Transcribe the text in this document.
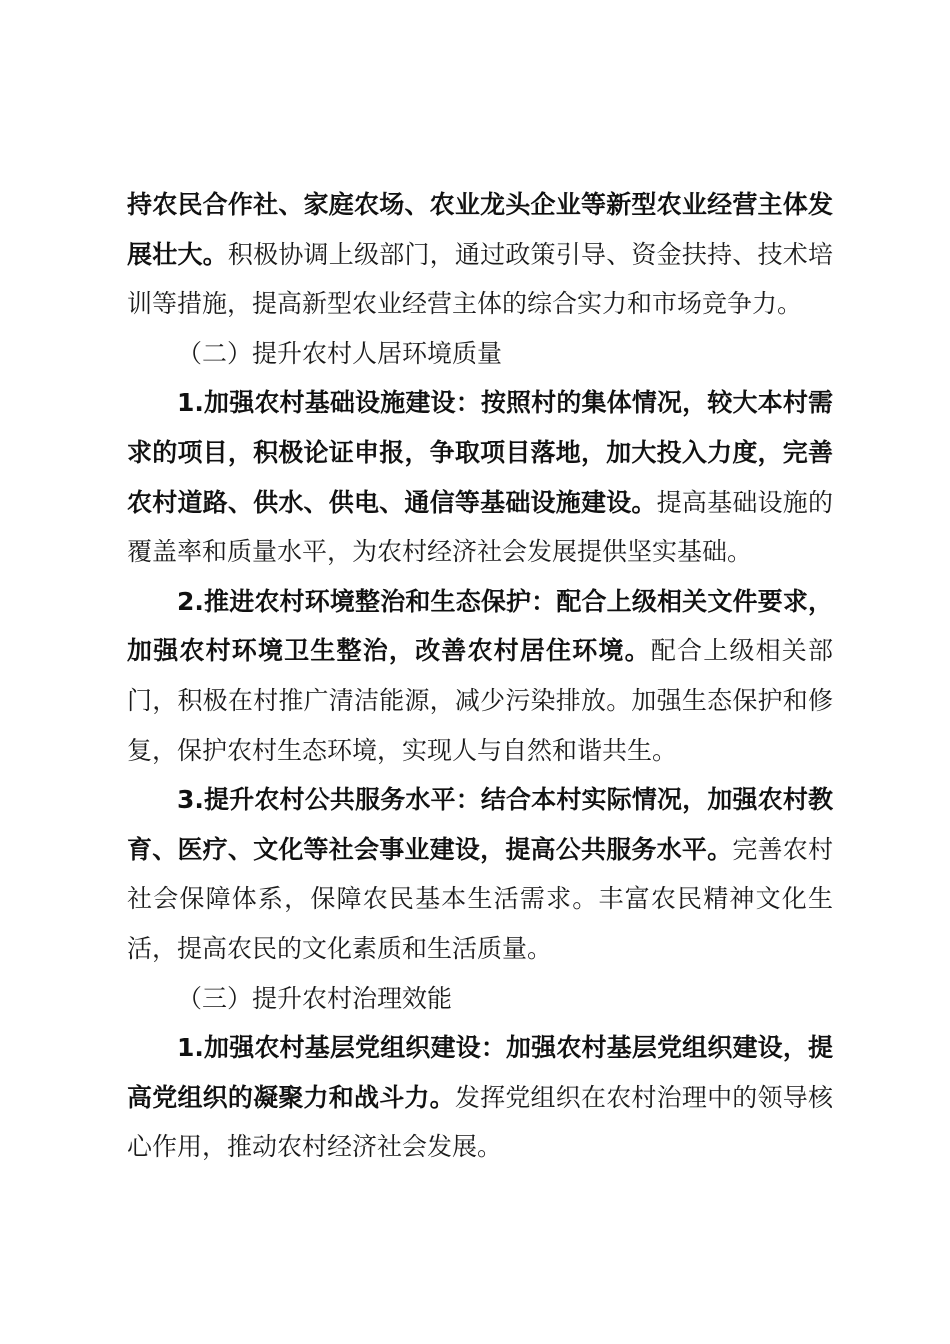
持农民合作社、家庭农场、农业龙头企业等新型农业经营主体发展壮大。积极协调上级部门，通过政策引导、资金扶持、技术培训等措施，提高新型农业经营主体的综合实力和市场竞争力。

（二）提升农村人居环境质量

1.加强农村基础设施建设：按照村的集体情况，较大本村需求的项目，积极论证申报，争取项目落地，加大投入力度，完善农村道路、供水、供电、通信等基础设施建设。提高基础设施的覆盖率和质量水平，为农村经济社会发展提供坚实基础。

2.推进农村环境整治和生态保护：配合上级相关文件要求，加强农村环境卫生整治，改善农村居住环境。配合上级相关部门，积极在村推广清洁能源，减少污染排放。加强生态保护和修复，保护农村生态环境，实现人与自然和谐共生。

3.提升农村公共服务水平：结合本村实际情况，加强农村教育、医疗、文化等社会事业建设，提高公共服务水平。完善农村社会保障体系，保障农民基本生活需求。丰富农民精神文化生活，提高农民的文化素质和生活质量。

（三）提升农村治理效能

1.加强农村基层党组织建设：加强农村基层党组织建设，提高党组织的凝聚力和战斗力。发挥党组织在农村治理中的领导核心作用，推动农村经济社会发展。
